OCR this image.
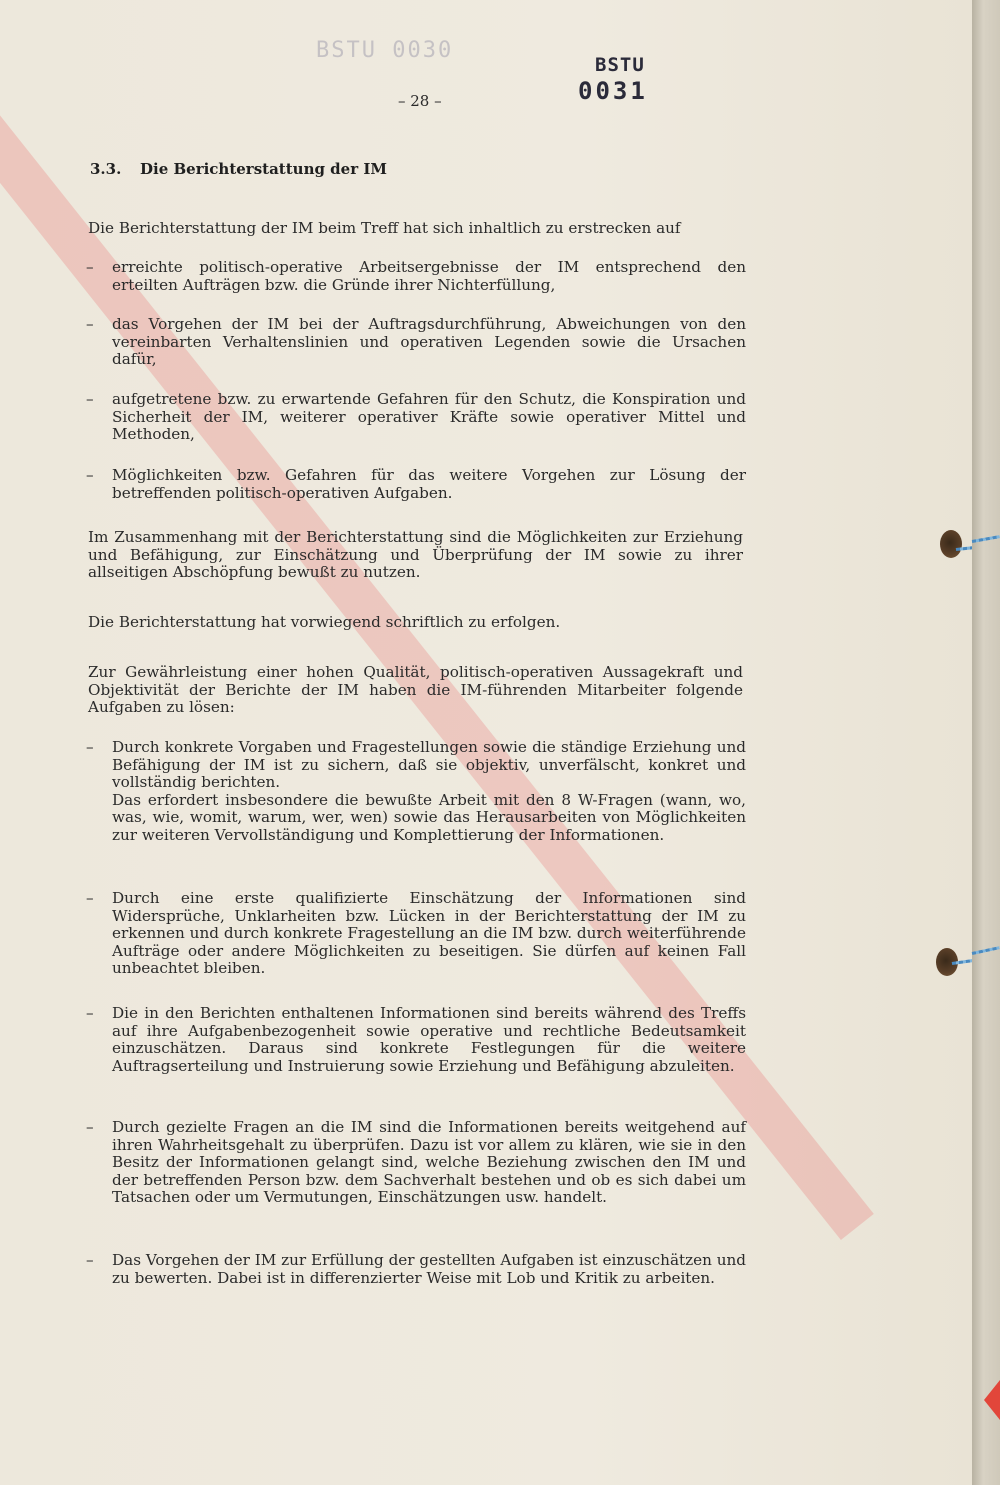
BSTU 0030
BSTU
0031
– 28 –
3.3. Die Berichterstattung der IM
Die Berichterstattung der IM beim Treff hat sich inhaltlich zu erstrecken auf
–	erreichte politisch-operative Arbeitsergebnisse der IM entsprechend den erteilten Aufträgen bzw. die Gründe ihrer Nichterfüllung,
–	das Vorgehen der IM bei der Auftragsdurchführung, Abweichungen von den vereinbarten Verhaltenslinien und operativen Legenden sowie die Ursachen dafür,
–	aufgetretene bzw. zu erwartende Gefahren für den Schutz, die Konspiration und Sicherheit der IM, weiterer operativer Kräfte sowie operativer Mittel und Methoden,
–	Möglichkeiten bzw. Gefahren für das weitere Vorgehen zur Lösung der betreffenden politisch-operativen Aufgaben.
Im Zusammenhang mit der Berichterstattung sind die Möglichkeiten zur Erziehung und Befähigung, zur Einschätzung und Überprüfung der IM sowie zu ihrer allseitigen Abschöpfung bewußt zu nutzen.
Die Berichterstattung hat vorwiegend schriftlich zu erfolgen.
Zur Gewährleistung einer hohen Qualität, politisch-operativen Aussagekraft und Objektivität der Berichte der IM haben die IM-führenden Mitarbeiter folgende Aufgaben zu lösen:
–	Durch konkrete Vorgaben und Fragestellungen sowie die ständige Erziehung und Befähigung der IM ist zu sichern, daß sie objektiv, unverfälscht, konkret und vollständig berichten.

Das erfordert insbesondere die bewußte Arbeit mit den 8 W-Fragen (wann, wo, was, wie, womit, warum, wer, wen) sowie das Herausarbeiten von Möglichkeiten zur weiteren Vervollständigung und Komplettierung der Informationen.

–	Durch eine erste qualifizierte Einschätzung der Informationen sind Widersprüche, Unklarheiten bzw. Lücken in der Berichterstattung der IM zu erkennen und durch konkrete Fragestellung an die IM bzw. durch weiterführende Aufträge oder andere Möglichkeiten zu beseitigen. Sie dürfen auf keinen Fall unbeachtet bleiben.
–	Die in den Berichten enthaltenen Informationen sind bereits während des Treffs auf ihre Aufgabenbezogenheit sowie operative und rechtliche Bedeutsamkeit einzuschätzen. Daraus sind konkrete Festlegungen für die weitere Auftragserteilung und Instruierung sowie Erziehung und Befähigung abzuleiten.
–	Durch gezielte Fragen an die IM sind die Informationen bereits weitgehend auf ihren Wahrheitsgehalt zu überprüfen. Dazu ist vor allem zu klären, wie sie in den Besitz der Informationen gelangt sind, welche Beziehung zwischen den IM und der betreffenden Person bzw. dem Sachverhalt bestehen und ob es sich dabei um Tatsachen oder um Vermutungen, Einschätzungen usw. handelt.
–	Das Vorgehen der IM zur Erfüllung der gestellten Aufgaben ist einzuschätzen und zu bewerten. Dabei ist in differenzierter Weise mit Lob und Kritik zu arbeiten.
